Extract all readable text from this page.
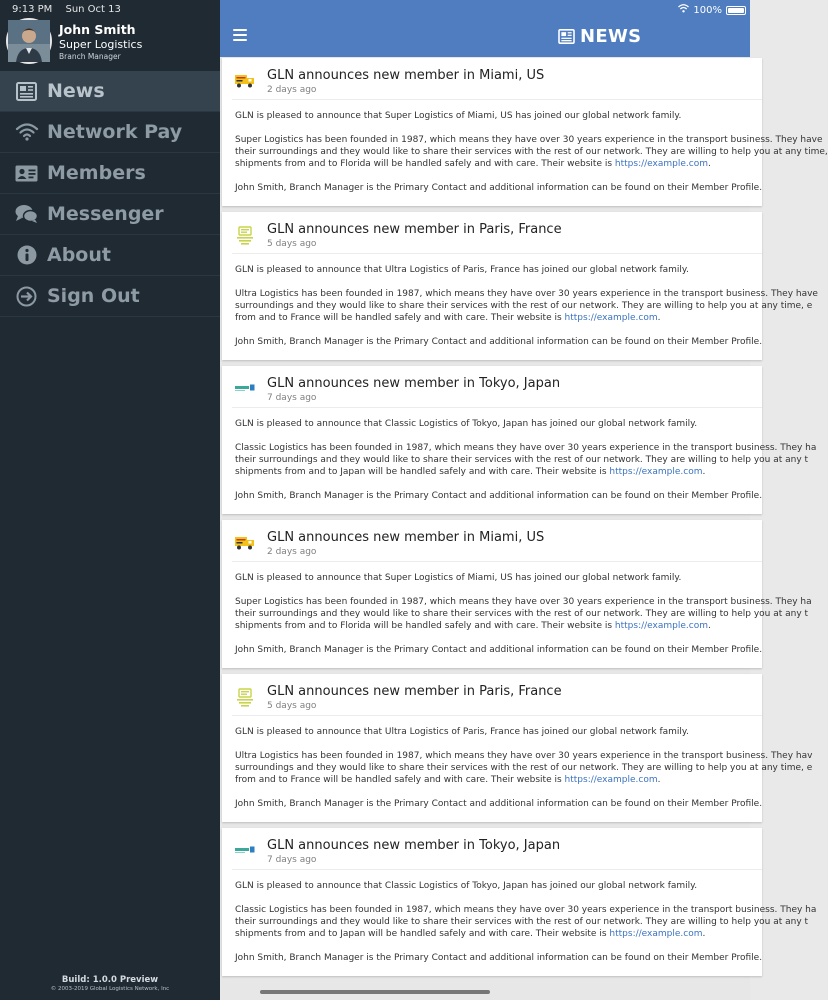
9:13 PM Sun Oct 13
John Smith
Super Logistics
Branch Manager
News
Network Pay
Members
Messenger
About
Sign Out
Build: 1.0.0 Preview
© 2003-2019 Global Logistics Network, Inc
100%
NEWS
GLN announces new member in Miami, US
2 days ago

GLN is pleased to announce that Super Logistics of Miami, US has joined our global network family.

Super Logistics has been founded in 1987, which means they have over 30 years experience in the transport business. They have
their surroundings and they would like to share their services with the rest of our network. They are willing to help you at any time,
shipments from and to Florida will be handled safely and with care. Their website is https://example.com.

John Smith, Branch Manager is the Primary Contact and additional information can be found on their Member Profile.

GLN announces new member in Paris, France
5 days ago

GLN is pleased to announce that Ultra Logistics of Paris, France has joined our global network family.

Ultra Logistics has been founded in 1987, which means they have over 30 years experience in the transport business. They have
surroundings and they would like to share their services with the rest of our network. They are willing to help you at any time, e
from and to France will be handled safely and with care. Their website is https://example.com.

John Smith, Branch Manager is the Primary Contact and additional information can be found on their Member Profile.

GLN announces new member in Tokyo, Japan
7 days ago

GLN is pleased to announce that Classic Logistics of Tokyo, Japan has joined our global network family.

Classic Logistics has been founded in 1987, which means they have over 30 years experience in the transport business. They ha
their surroundings and they would like to share their services with the rest of our network. They are willing to help you at any t
shipments from and to Japan will be handled safely and with care. Their website is https://example.com.

John Smith, Branch Manager is the Primary Contact and additional information can be found on their Member Profile.

GLN announces new member in Miami, US
2 days ago

GLN is pleased to announce that Super Logistics of Miami, US has joined our global network family.

Super Logistics has been founded in 1987, which means they have over 30 years experience in the transport business. They ha
their surroundings and they would like to share their services with the rest of our network. They are willing to help you at any t
shipments from and to Florida will be handled safely and with care. Their website is https://example.com.

John Smith, Branch Manager is the Primary Contact and additional information can be found on their Member Profile.

GLN announces new member in Paris, France
5 days ago

GLN is pleased to announce that Ultra Logistics of Paris, France has joined our global network family.

Ultra Logistics has been founded in 1987, which means they have over 30 years experience in the transport business. They hav
surroundings and they would like to share their services with the rest of our network. They are willing to help you at any time, e
from and to France will be handled safely and with care. Their website is https://example.com.

John Smith, Branch Manager is the Primary Contact and additional information can be found on their Member Profile.

GLN announces new member in Tokyo, Japan
7 days ago

GLN is pleased to announce that Classic Logistics of Tokyo, Japan has joined our global network family.

Classic Logistics has been founded in 1987, which means they have over 30 years experience in the transport business. They ha
their surroundings and they would like to share their services with the rest of our network. They are willing to help you at any t
shipments from and to Japan will be handled safely and with care. Their website is https://example.com.

John Smith, Branch Manager is the Primary Contact and additional information can be found on their Member Profile.
